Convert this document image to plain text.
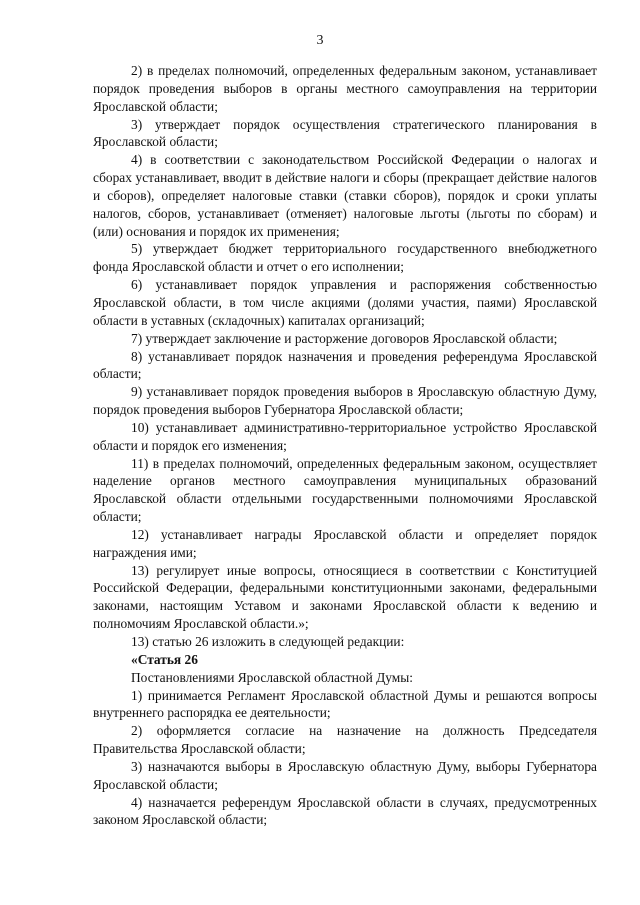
3

2) в пределах полномочий, определенных федеральным законом, устанавливает порядок проведения выборов в органы местного самоуправления на территории Ярославской области;

3) утверждает порядок осуществления стратегического планирования в Ярославской области;

4) в соответствии с законодательством Российской Федерации о налогах и сборах устанавливает, вводит в действие налоги и сборы (прекращает действие налогов и сборов), определяет налоговые ставки (ставки сборов), порядок и сроки уплаты налогов, сборов, устанавливает (отменяет) налоговые льготы (льготы по сборам) и (или) основания и порядок их применения;

5) утверждает бюджет территориального государственного внебюджетного фонда Ярославской области и отчет о его исполнении;

6) устанавливает порядок управления и распоряжения собственностью Ярославской области, в том числе акциями (долями участия, паями) Ярославской области в уставных (складочных) капиталах организаций;

7) утверждает заключение и расторжение договоров Ярославской области;

8) устанавливает порядок назначения и проведения референдума Ярославской области;

9) устанавливает порядок проведения выборов в Ярославскую областную Думу, порядок проведения выборов Губернатора Ярославской области;

10) устанавливает административно-территориальное устройство Ярославской области и порядок его изменения;

11) в пределах полномочий, определенных федеральным законом, осуществляет наделение органов местного самоуправления муниципальных образований Ярославской области отдельными государственными полномочиями Ярославской области;

12) устанавливает награды Ярославской области и определяет порядок награждения ими;

13) регулирует иные вопросы, относящиеся в соответствии с Конституцией Российской Федерации, федеральными конституционными законами, федеральными законами, настоящим Уставом и законами Ярославской области к ведению и полномочиям Ярославской области.»;

13) статью 26 изложить в следующей редакции:

«Статья 26

Постановлениями Ярославской областной Думы:

1) принимается Регламент Ярославской областной Думы и решаются вопросы внутреннего распорядка ее деятельности;

2) оформляется согласие на назначение на должность Председателя Правительства Ярославской области;

3) назначаются выборы в Ярославскую областную Думу, выборы Губернатора Ярославской области;

4) назначается референдум Ярославской области в случаях, предусмотренных законом Ярославской области;
